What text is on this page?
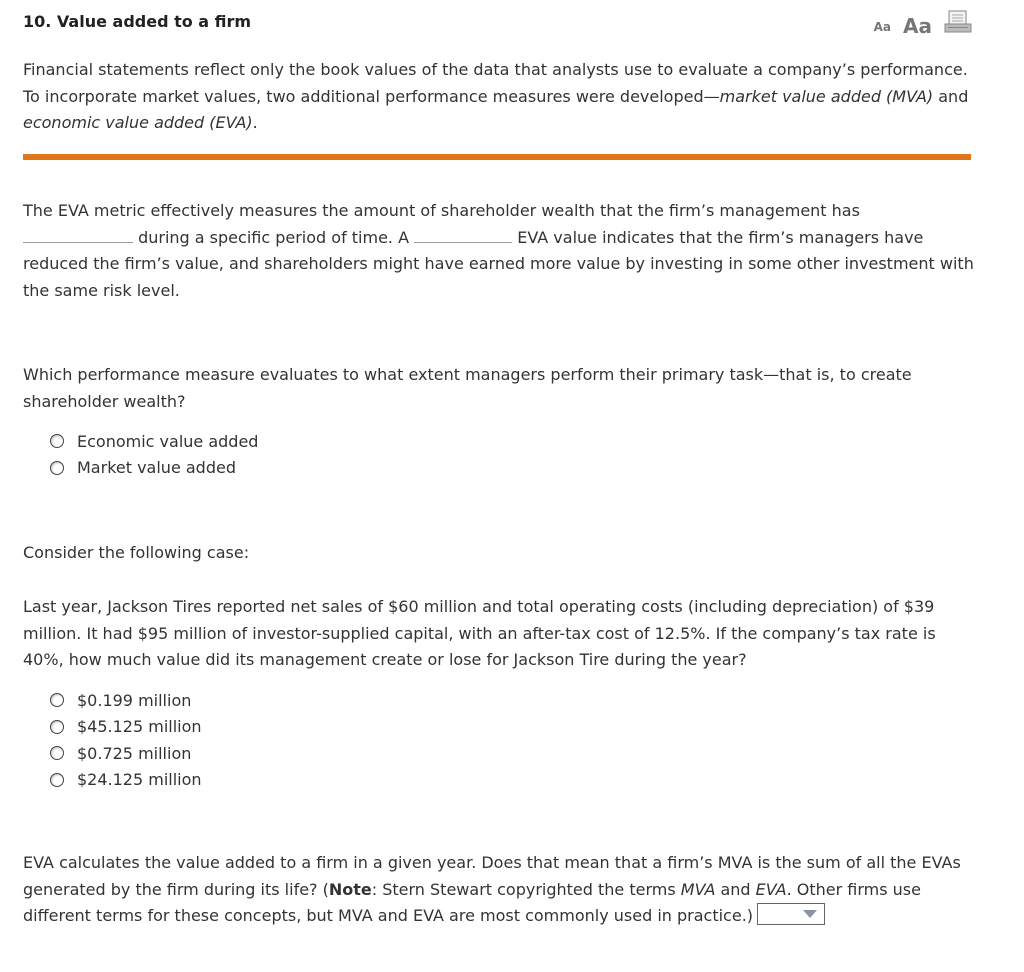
10. Value added to a firm	Aa Aa

Financial statements reflect only the book values of the data that analysts use to evaluate a company’s performance. To incorporate market values, two additional performance measures were developed—market value added (MVA) and economic value added (EVA).

The EVA metric effectively measures the amount of shareholder wealth that the firm’s management has
during a specific period of time. A	EVA value indicates that the firm’s managers have reduced the firm’s value, and shareholders might have earned more value by investing in some other investment with the same risk level.

Which performance measure evaluates to what extent managers perform their primary task—that is, to create shareholder wealth?

Economic value added
Market value added

Consider the following case:

Last year, Jackson Tires reported net sales of $60 million and total operating costs (including depreciation) of $39 million. It had $95 million of investor-supplied capital, with an after-tax cost of 12.5%. If the company’s tax rate is 40%, how much value did its management create or lose for Jackson Tire during the year?

$0.199 million
$45.125 million
$0.725 million
$24.125 million

EVA calculates the value added to a firm in a given year. Does that mean that a firm’s MVA is the sum of all the EVAs generated by the firm during its life? (Note: Stern Stewart copyrighted the terms MVA and EVA. Other firms use different terms for these concepts, but MVA and EVA are most commonly used in practice.)
